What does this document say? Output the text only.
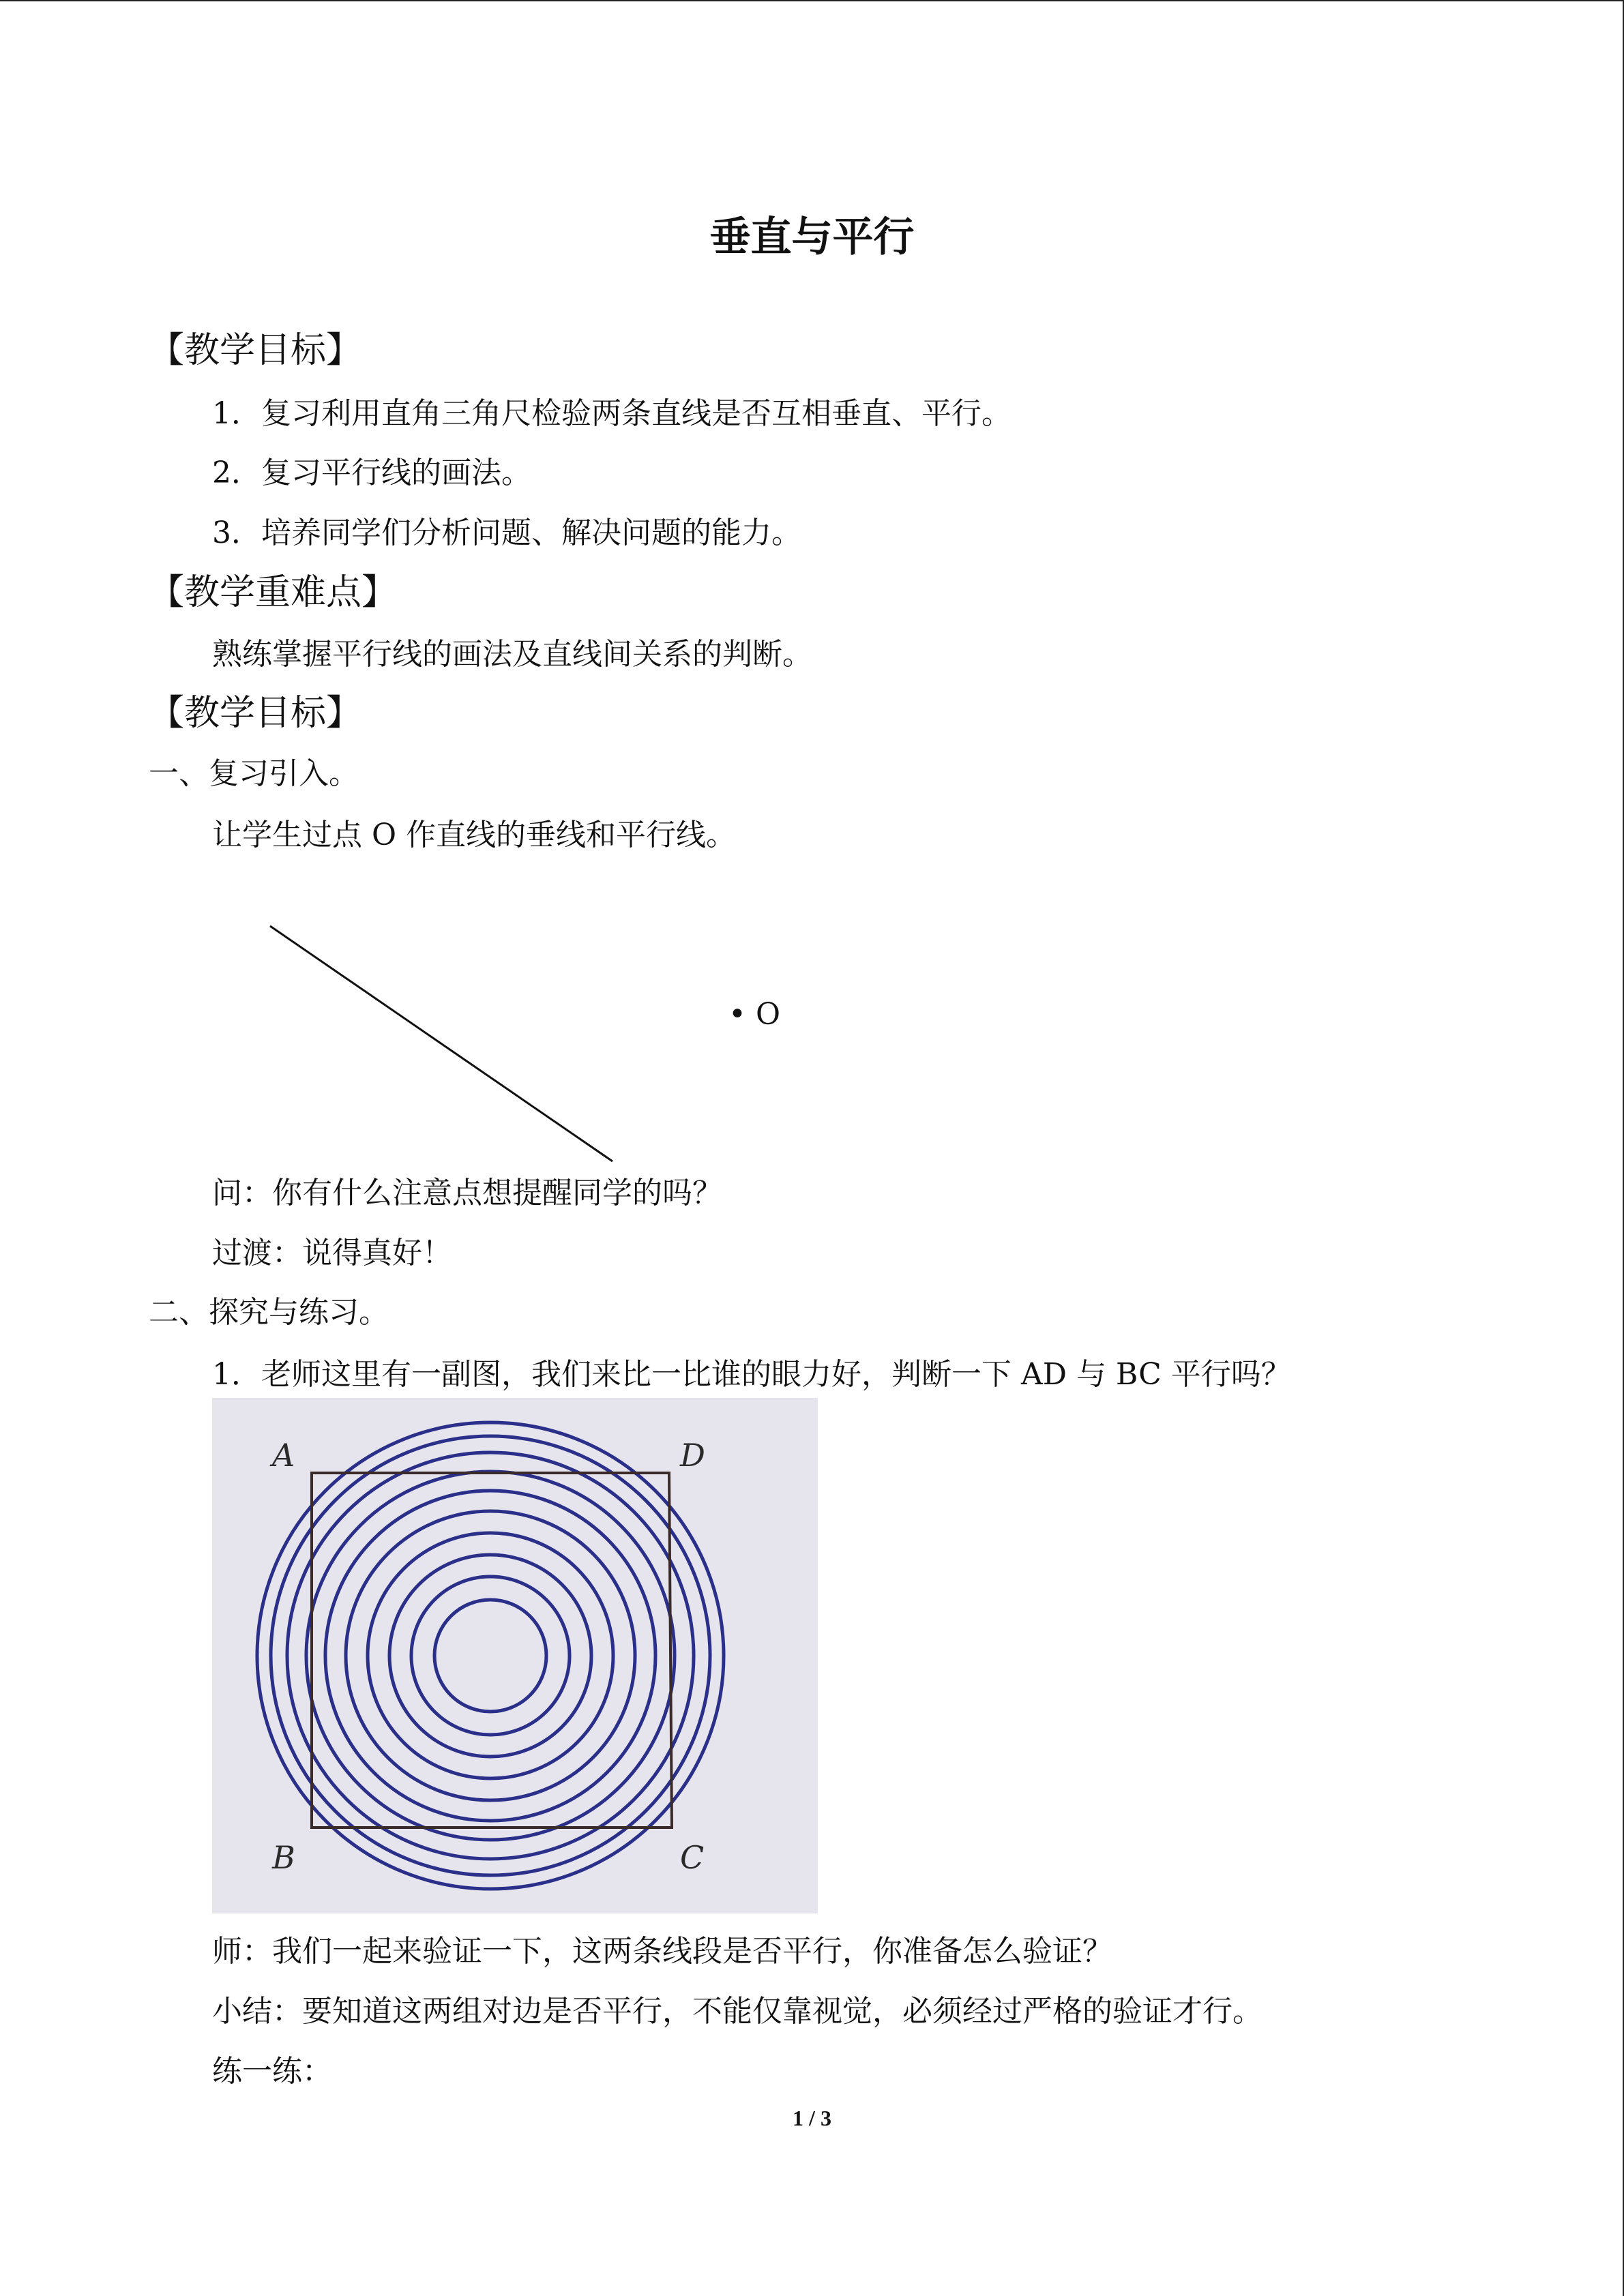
垂直与平行
【教学目标】
1．复习利用直角三角尺检验两条直线是否互相垂直、平行。
2．复习平行线的画法。
3．培养同学们分析问题、解决问题的能力。
【教学重难点】
熟练掌握平行线的画法及直线间关系的判断。
【教学目标】
一、复习引入。
让学生过点 O 作直线的垂线和平行线。
• O
问：你有什么注意点想提醒同学的吗？
过渡：说得真好！
二、探究与练习。
1．老师这里有一副图，我们来比一比谁的眼力好，判断一下 AD 与 BC 平行吗？
A	D
B	C
师：我们一起来验证一下，这两条线段是否平行，你准备怎么验证？
小结：要知道这两组对边是否平行，不能仅靠视觉，必须经过严格的验证才行。
练一练：
1 / 3
